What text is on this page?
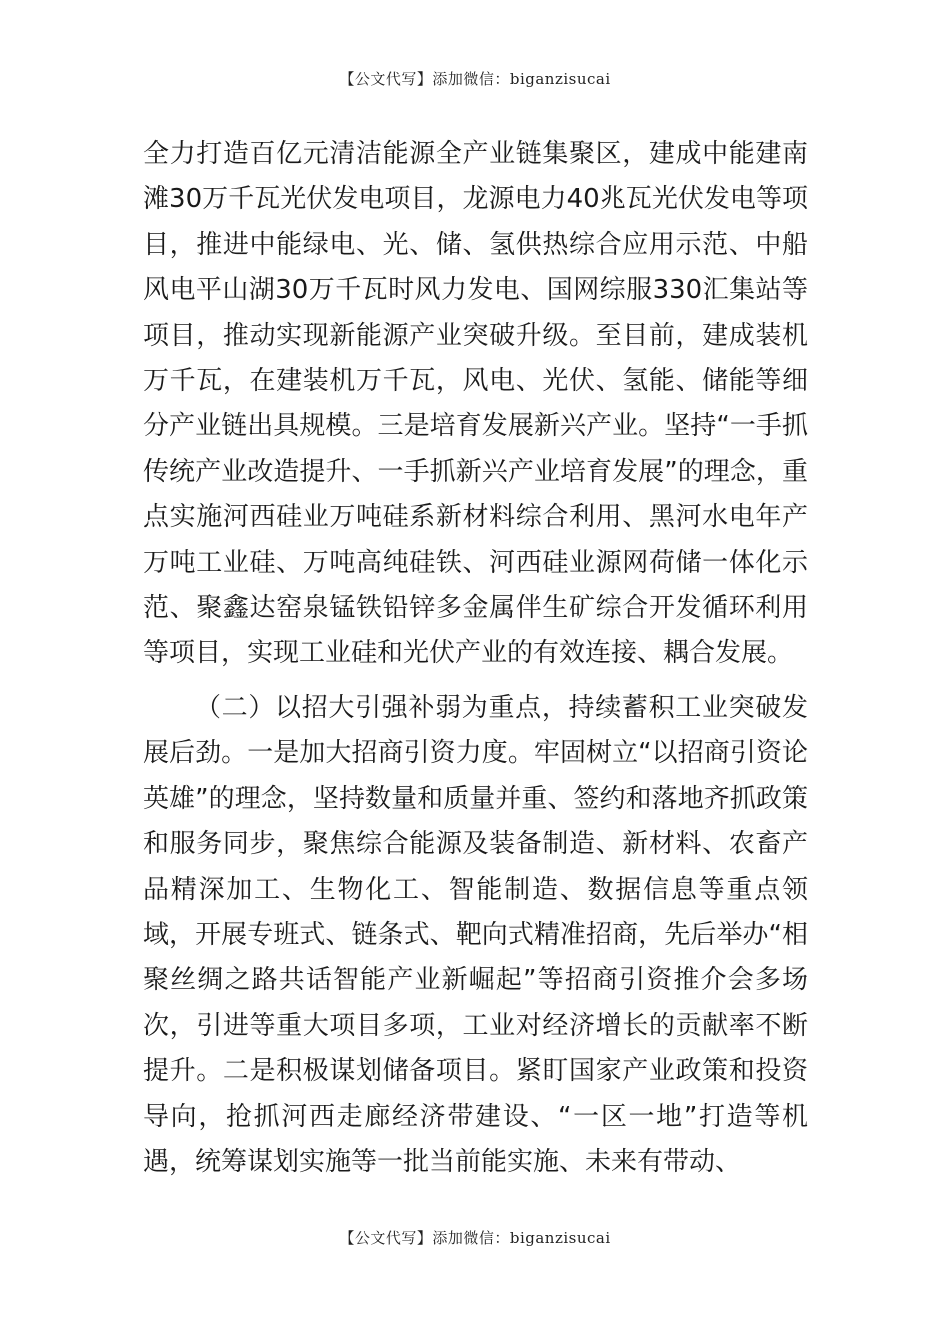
【公文代写】添加微信：biganzisucai

全力打造百亿元清洁能源全产业链集聚区，建成中能建南滩30万千瓦光伏发电项目，龙源电力40兆瓦光伏发电等项目，推进中能绿电、光、储、氢供热综合应用示范、中船风电平山湖30万千瓦时风力发电、国网综服330汇集站等项目，推动实现新能源产业突破升级。至目前，建成装机万千瓦，在建装机万千瓦，风电、光伏、氢能、储能等细分产业链出具规模。三是培育发展新兴产业。坚持“一手抓传统产业改造提升、一手抓新兴产业培育发展”的理念，重点实施河西硅业万吨硅系新材料综合利用、黑河水电年产万吨工业硅、万吨高纯硅铁、河西硅业源网荷储一体化示范、聚鑫达窑泉锰铁铅锌多金属伴生矿综合开发循环利用等项目，实现工业硅和光伏产业的有效连接、耦合发展。

（二）以招大引强补弱为重点，持续蓄积工业突破发展后劲。一是加大招商引资力度。牢固树立“以招商引资论英雄”的理念，坚持数量和质量并重、签约和落地齐抓政策和服务同步，聚焦综合能源及装备制造、新材料、农畜产品精深加工、生物化工、智能制造、数据信息等重点领域，开展专班式、链条式、靶向式精准招商，先后举办“相聚丝绸之路共话智能产业新崛起”等招商引资推介会多场次，引进等重大项目多项，工业对经济增长的贡献率不断提升。二是积极谋划储备项目。紧盯国家产业政策和投资导向，抢抓河西走廊经济带建设、“一区一地”打造等机遇，统筹谋划实施等一批当前能实施、未来有带动、

【公文代写】添加微信：biganzisucai
